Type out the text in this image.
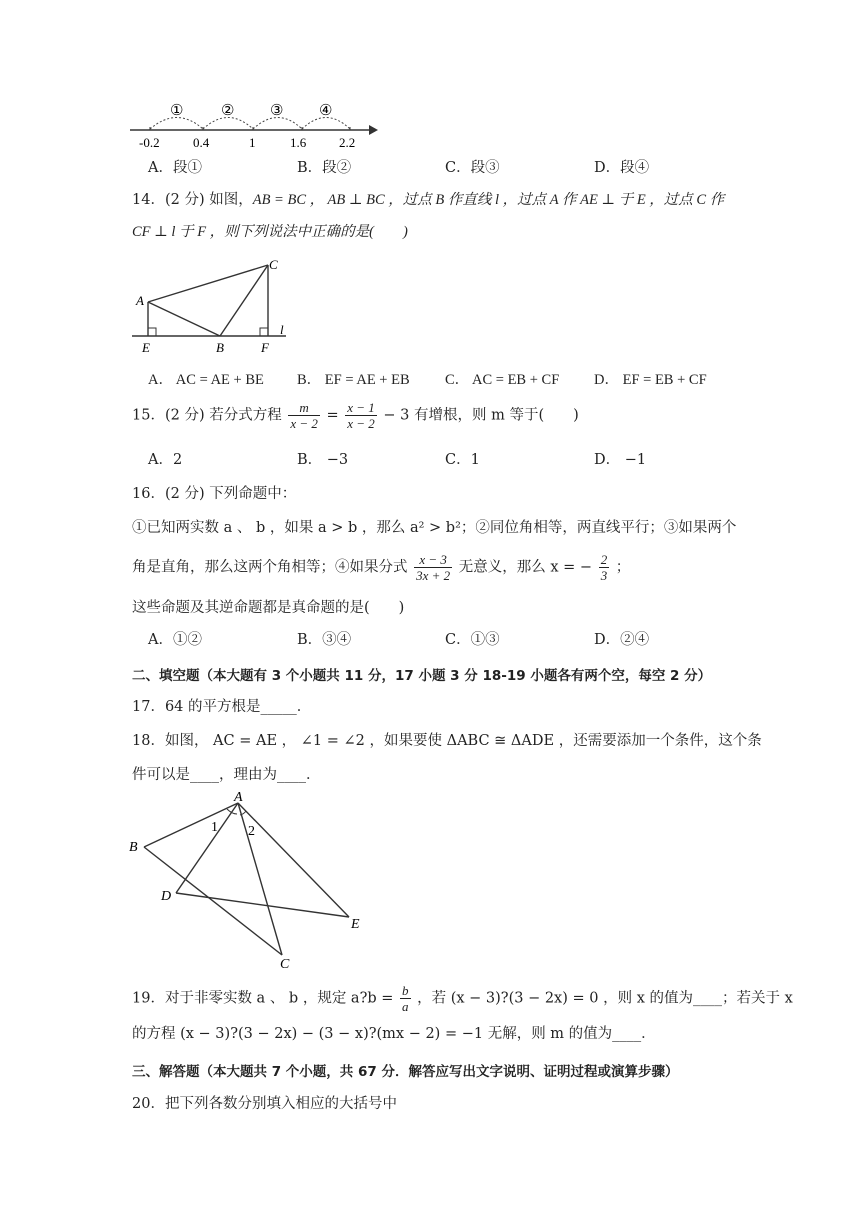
①	② ③ ④
-0.2	0.4	1	1.6	2.2
A．段①	B．段②	C．段③	D．段④
14．(2 分) 如图，AB = BC ， AB ⊥ BC ，过点 B 作直线 l ，过点 A 作 AE ⊥ 于 E ，过点 C 作
CF ⊥ l 于 F ，则下列说法中正确的是(　　)
A
C
E	B	F
l
A． AC = AE + BE B． EF = AE + EB C． AC = EB + CF D． EF = EB + CF
15．(2 分) 若分式方程 $\frac{m}{x - 2} = \frac{x - 1}{x - 2} - 3$ 有增根，则 m 等于(　　)
A．2	B． −3	C．1	D． −1
16．(2 分) 下列命题中：
①已知两实数 a 、 b ，如果 a > b ，那么 a² > b²；②同位角相等，两直线平行；③如果两个
角是直角，那么这两个角相等；④如果分式 $\frac{x - 3}{3x + 2}$ 无意义，那么 x = − $\frac{2}{3}$ ；
这些命题及其逆命题都是真命题的是(　　)
A．①②	B．③④	C．①③	D．②④
二、填空题（本大题有 3 个小题共 11 分，17 小题 3 分 18-19 小题各有两个空，每空 2 分）
17．64 的平方根是_____．
18．如图， AC = AE ， ∠1 = ∠2 ，如果要使 ΔABC ≅ ΔADE ，还需要添加一个条件，这个条
件可以是____，理由为____．
A
B
D
E
C
1 2
19．对于非零实数 a 、 b ，规定 a?b = $\frac{b}{a}$ ，若 (x − 3)?(3 − 2x) = 0 ，则 x 的值为____；若关于 x
的方程 (x − 3)?(3 − 2x) − (3 − x)?(mx − 2) = −1 无解，则 m 的值为____．
三、解答题（本大题共 7 个小题，共 67 分．解答应写出文字说明、证明过程或演算步骤）
20．把下列各数分别填入相应的大括号中
